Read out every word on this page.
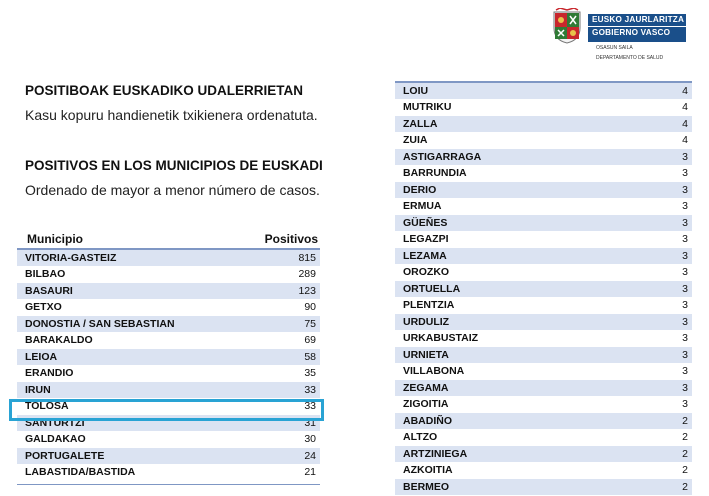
EUSKO JAURLARITZA
GOBIERNO VASCO
OSASUN SAILA
DEPARTAMENTO DE SALUD
POSITIBOAK EUSKADIKO UDALERRIETAN
Kasu kopuru handienetik txikienera ordenatuta.
POSITIVOS EN LOS MUNICIPIOS DE EUSKADI
Ordenado de mayor a menor número de casos.
Municipio	Positivos
VITORIA-GASTEIZ	815
BILBAO	289
BASAURI	123
GETXO	90
DONOSTIA / SAN SEBASTIAN	75
BARAKALDO	69
LEIOA	58
ERANDIO	35
IRUN	33
TOLOSA	33
SANTURTZI	31
GALDAKAO	30
PORTUGALETE	24
LABASTIDA/BASTIDA	21
LOIU	4
MUTRIKU	4
ZALLA	4
ZUIA	4
ASTIGARRAGA	3
BARRUNDIA	3
DERIO	3
ERMUA	3
GÜEÑES	3
LEGAZPI	3
LEZAMA	3
OROZKO	3
ORTUELLA	3
PLENTZIA	3
URDULIZ	3
URKABUSTAIZ	3
URNIETA	3
VILLABONA	3
ZEGAMA	3
ZIGOITIA	3
ABADIÑO	2
ALTZO	2
ARTZINIEGA	2
AZKOITIA	2
BERMEO	2
